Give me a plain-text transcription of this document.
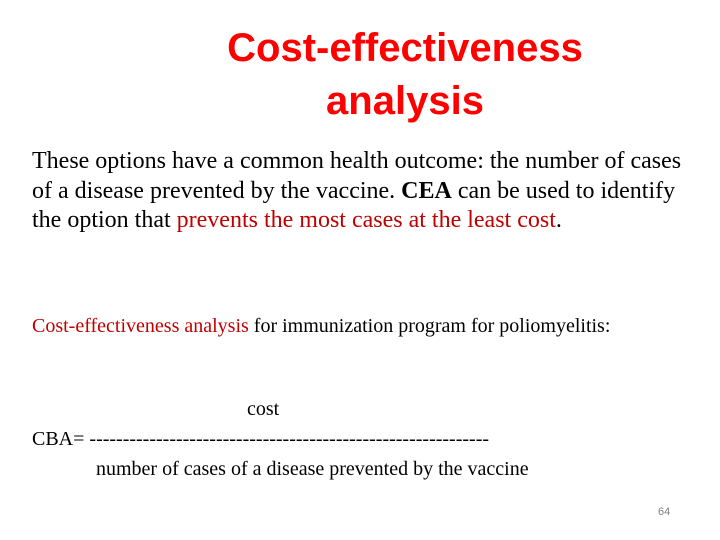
Cost-effectiveness
analysis
These options have a common health outcome: the number of cases of a disease prevented by the vaccine. CEA can be used to identify the option that prevents the most cases at the least cost.
Cost-effectiveness analysis for immunization program for poliomyelitis:
cost
CBA= ------------------------------------------------------------
number of cases of a disease prevented by the vaccine
64
